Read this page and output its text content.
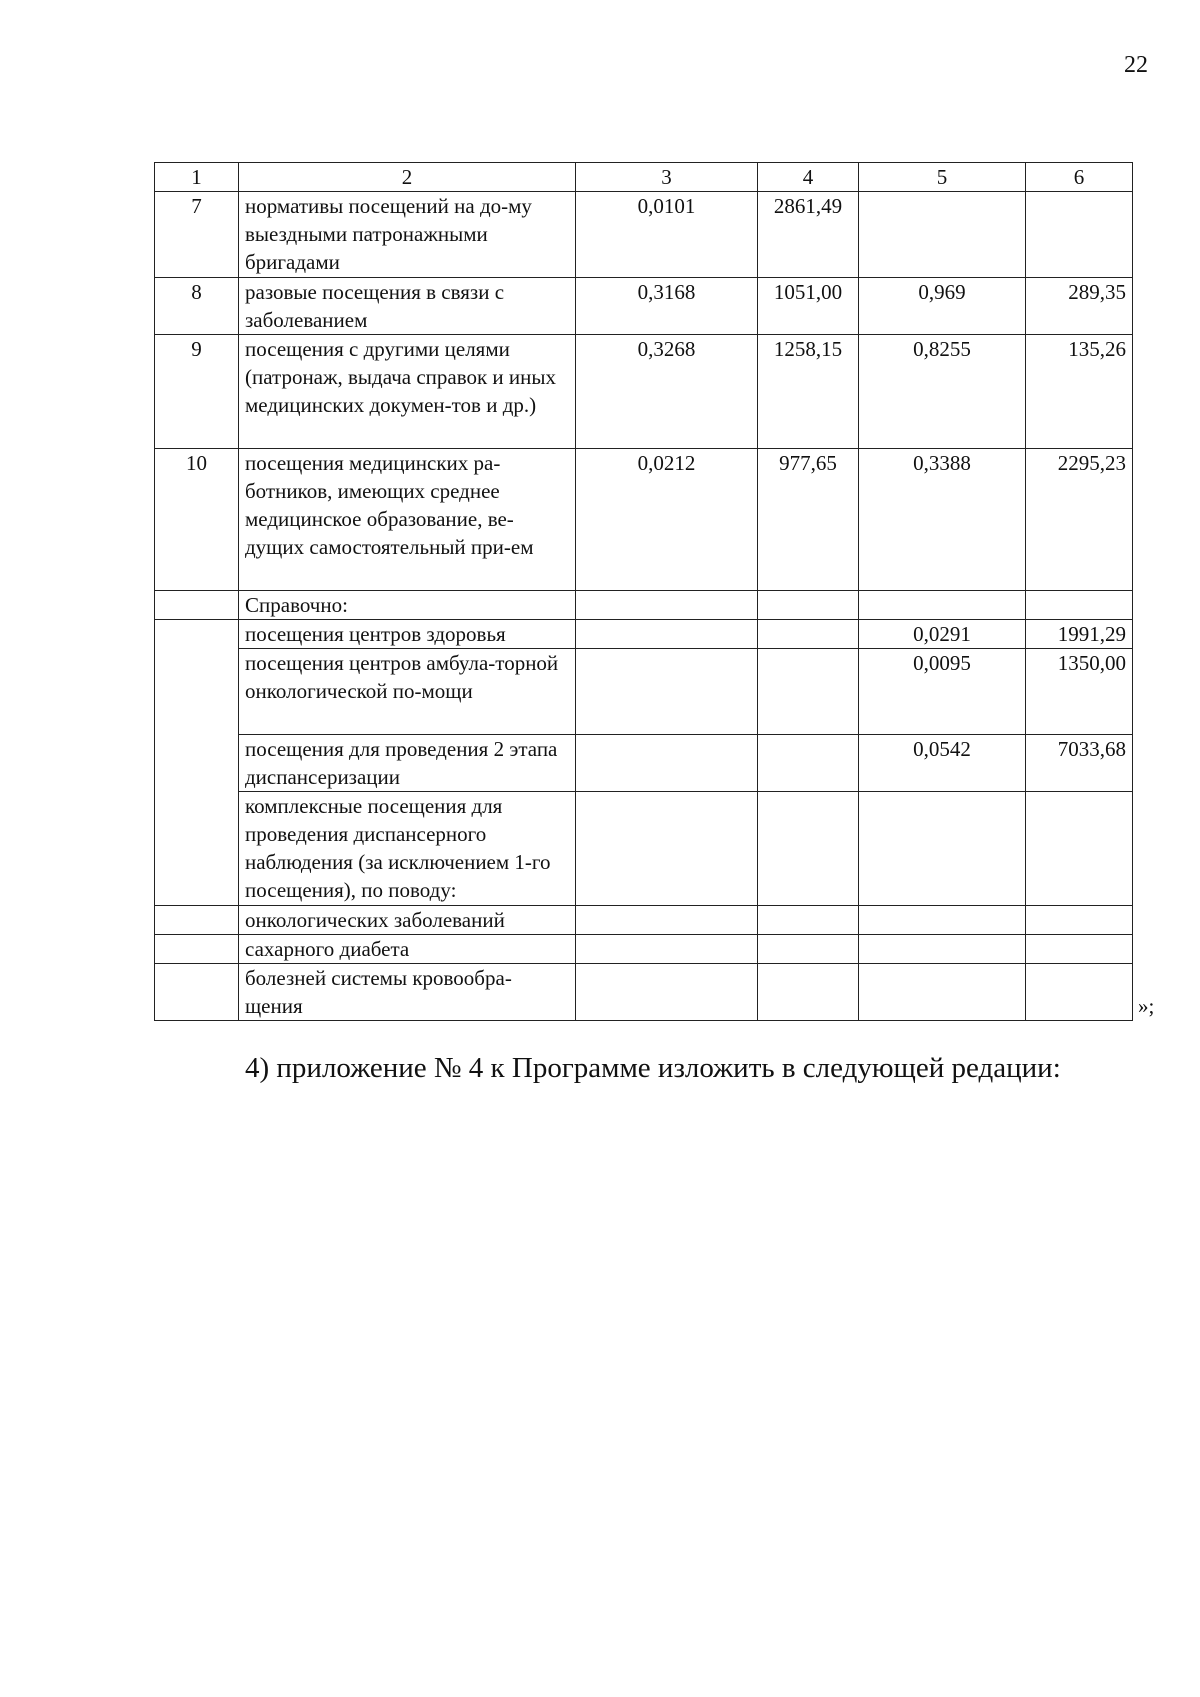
22
1	2	3	4	5	6
7	нормативы посещений на до-му выездными патронажными бригадами	0,0101	2861,49		
8	разовые посещения в связи с заболеванием	0,3168	1051,00	0,969	289,35
9	посещения с другими целями (патронаж, выдача справок и иных медицинских докумен-тов и др.)	0,3268	1258,15	0,8255	135,26
10	посещения медицинских ра-ботников, имеющих среднее медицинское образование, ве-дущих самостоятельный при-ем	0,0212	977,65	0,3388	2295,23
	Справочно:				
	посещения центров здоровья			0,0291	1991,29
	посещения центров амбула-торной онкологической по-мощи			0,0095	1350,00
	посещения для проведения 2 этапа диспансеризации			0,0542	7033,68
	комплексные посещения для проведения диспансерного наблюдения (за исключением 1-го посещения), по поводу:				
	онкологических заболеваний				
	сахарного диабета				
	болезней системы кровообра-щения					»;
4) приложение № 4 к Программе изложить в следующей редации:
